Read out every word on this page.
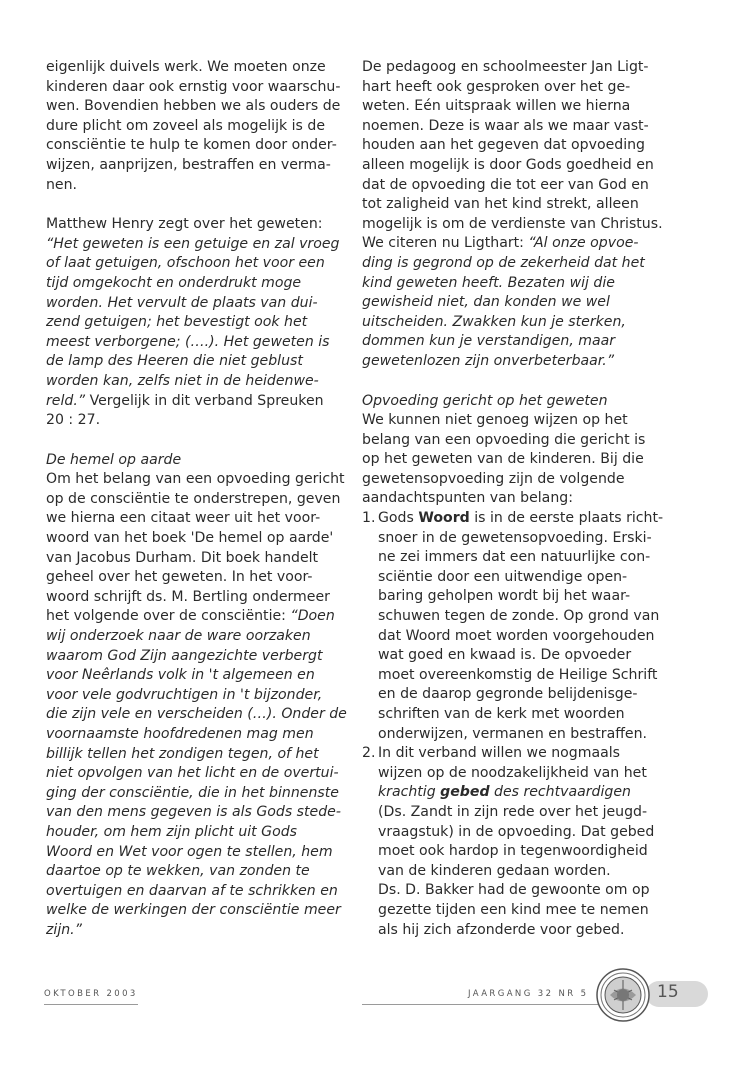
eigenlijk duivels werk. We moeten onze
kinderen daar ook ernstig voor waarschu-
wen. Bovendien hebben we als ouders de
dure plicht om zoveel als mogelijk is de
consciëntie te hulp te komen door onder-
wijzen, aanprijzen, bestraffen en verma-
nen.

Matthew Henry zegt over het geweten:
“Het geweten is een getuige en zal vroeg
of laat getuigen, ofschoon het voor een
tijd omgekocht en onderdrukt moge
worden. Het vervult de plaats van dui-
zend getuigen; het bevestigt ook het
meest verborgene; (….). Het geweten is
de lamp des Heeren die niet geblust
worden kan, zelfs niet in de heidenwe-
reld.” Vergelijk in dit verband Spreuken
20 : 27.

De hemel op aarde
Om het belang van een opvoeding gericht
op de consciëntie te onderstrepen, geven
we hierna een citaat weer uit het voor-
woord van het boek 'De hemel op aarde'
van Jacobus Durham. Dit boek handelt
geheel over het geweten. In het voor-
woord schrijft ds. M. Bertling ondermeer
het volgende over de consciëntie: “Doen
wij onderzoek naar de ware oorzaken
waarom God Zijn aangezichte verbergt
voor Neêrlands volk in 't algemeen en
voor vele godvruchtigen in 't bijzonder,
die zijn vele en verscheiden (…). Onder de
voornaamste hoofdredenen mag men
billijk tellen het zondigen tegen, of het
niet opvolgen van het licht en de overtui-
ging der consciëntie, die in het binnenste
van den mens gegeven is als Gods stede-
houder, om hem zijn plicht uit Gods
Woord en Wet voor ogen te stellen, hem
daartoe op te wekken, van zonden te
overtuigen en daarvan af te schrikken en
welke de werkingen der consciëntie meer
zijn.”

De pedagoog en schoolmeester Jan Ligt-
hart heeft ook gesproken over het ge-
weten. Eén uitspraak willen we hierna
noemen. Deze is waar als we maar vast-
houden aan het gegeven dat opvoeding
alleen mogelijk is door Gods goedheid en
dat de opvoeding die tot eer van God en
tot zaligheid van het kind strekt, alleen
mogelijk is om de verdienste van Christus.
We citeren nu Ligthart: “Al onze opvoe-
ding is gegrond op de zekerheid dat het
kind geweten heeft. Bezaten wij die
gewisheid niet, dan konden we wel
uitscheiden. Zwakken kun je sterken,
dommen kun je verstandigen, maar
gewetenlozen zijn onverbeterbaar.”

Opvoeding gericht op het geweten
We kunnen niet genoeg wijzen op het
belang van een opvoeding die gericht is
op het geweten van de kinderen. Bij die
gewetensopvoeding zijn de volgende
aandachtspunten van belang:

1. Gods Woord is in de eerste plaats richt-
snoer in de gewetensopvoeding. Erski-
ne zei immers dat een natuurlijke con-
sciëntie door een uitwendige open-
baring geholpen wordt bij het waar-
schuwen tegen de zonde. Op grond van
dat Woord moet worden voorgehouden
wat goed en kwaad is. De opvoeder
moet overeenkomstig de Heilige Schrift
en de daarop gegronde belijdenisge-
schriften van de kerk met woorden
onderwijzen, vermanen en bestraffen.
2. In dit verband willen we nogmaals
wijzen op de noodzakelijkheid van het
krachtig gebed des rechtvaardigen
(Ds. Zandt in zijn rede over het jeugd-
vraagstuk) in de opvoeding. Dat gebed
moet ook hardop in tegenwoordigheid
van de kinderen gedaan worden.
Ds. D. Bakker had de gewoonte om op
gezette tijden een kind mee te nemen
als hij zich afzonderde voor gebed.
OKTOBER 2003	JAARGANG 32 NR 5	15
